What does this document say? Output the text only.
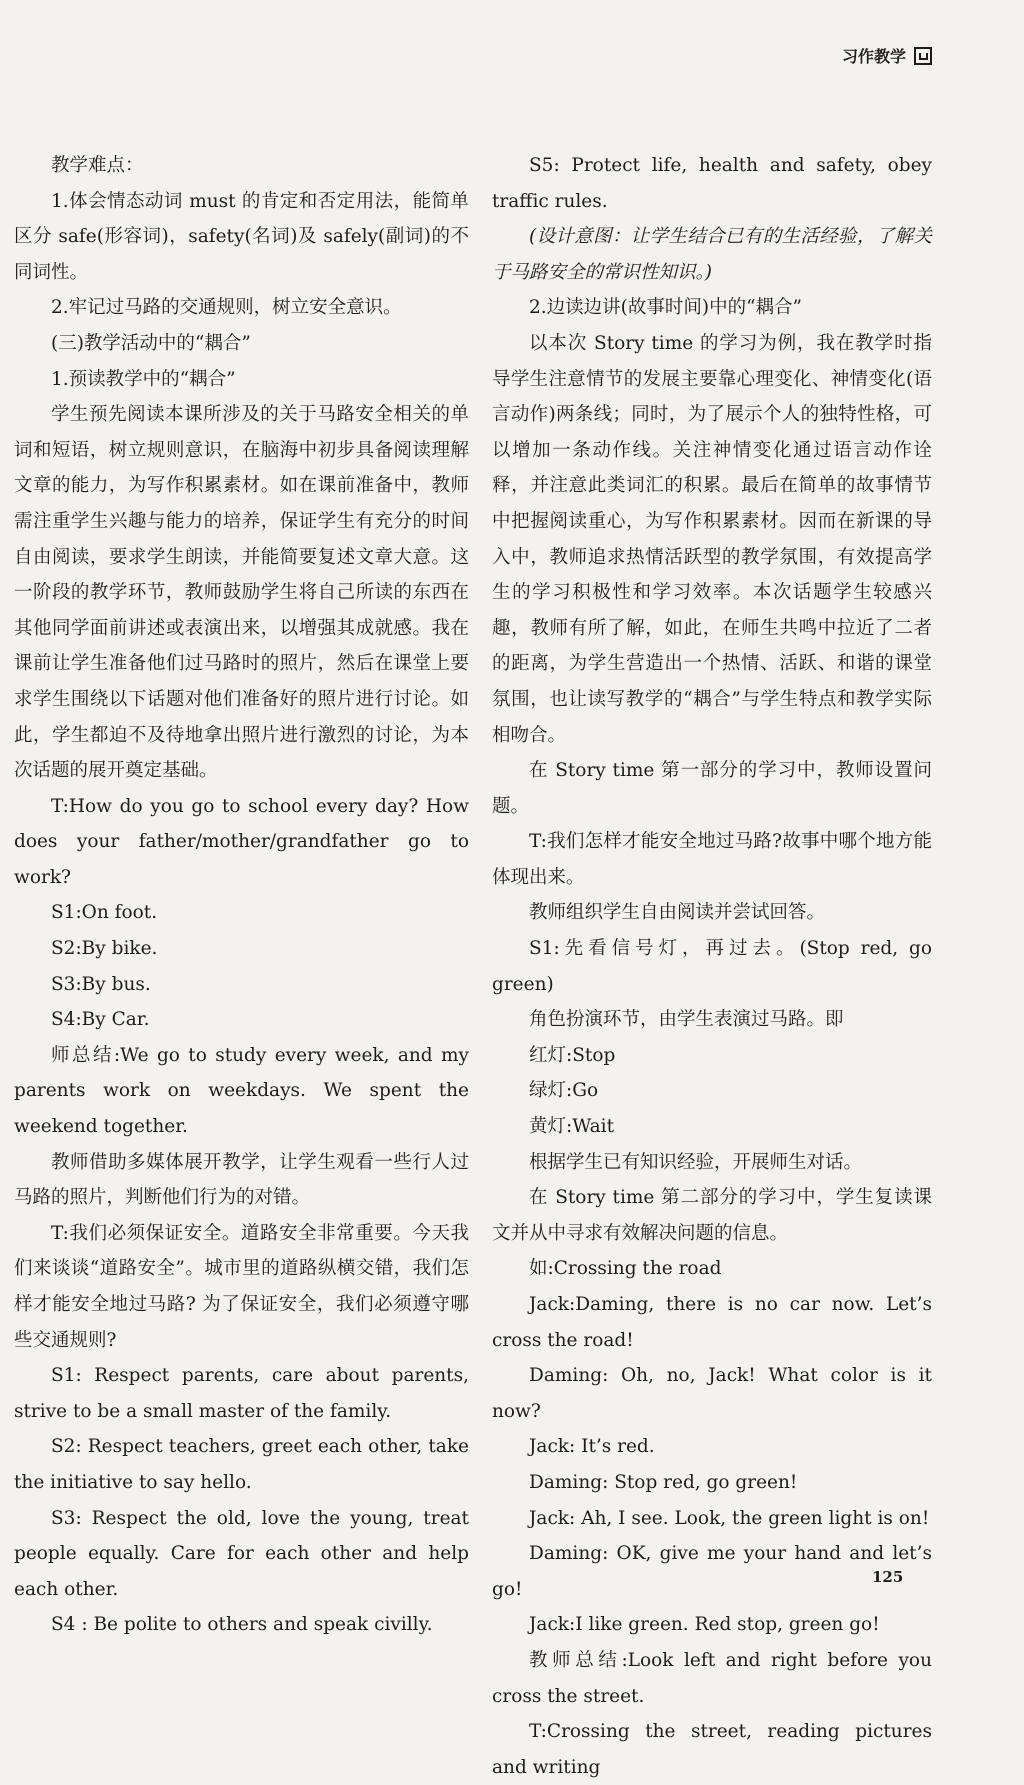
习作教学

教学难点：

1.体会情态动词 must 的肯定和否定用法，能简单区分 safe(形容词)，safety(名词)及 safely(副词)的不同词性。

2.牢记过马路的交通规则，树立安全意识。

(三)教学活动中的“耦合”

1.预读教学中的“耦合”

学生预先阅读本课所涉及的关于马路安全相关的单词和短语，树立规则意识，在脑海中初步具备阅读理解文章的能力，为写作积累素材。如在课前准备中，教师需注重学生兴趣与能力的培养，保证学生有充分的时间自由阅读，要求学生朗读，并能简要复述文章大意。这一阶段的教学环节，教师鼓励学生将自己所读的东西在其他同学面前讲述或表演出来，以增强其成就感。我在课前让学生准备他们过马路时的照片，然后在课堂上要求学生围绕以下话题对他们准备好的照片进行讨论。如此，学生都迫不及待地拿出照片进行激烈的讨论，为本次话题的展开奠定基础。

T:How do you go to school every day? How does your father/mother/grandfather go to work?

S1:On foot.

S2:By bike.

S3:By bus.

S4:By Car.

师总结:We go to study every week, and my parents work on weekdays. We spent the weekend together.

教师借助多媒体展开教学，让学生观看一些行人过马路的照片，判断他们行为的对错。

T:我们必须保证安全。道路安全非常重要。今天我们来谈谈“道路安全”。城市里的道路纵横交错，我们怎样才能安全地过马路? 为了保证安全，我们必须遵守哪些交通规则?

S1: Respect parents, care about parents, strive to be a small master of the family.

S2: Respect teachers, greet each other, take the initiative to say hello.

S3: Respect the old, love the young, treat people equally. Care for each other and help each other.

S4 : Be polite to others and speak civilly.

S5: Protect life, health and safety, obey traffic rules.

(设计意图：让学生结合已有的生活经验，了解关于马路安全的常识性知识。)

2.边读边讲(故事时间)中的“耦合”

以本次 Story time 的学习为例，我在教学时指导学生注意情节的发展主要靠心理变化、神情变化(语言动作)两条线；同时，为了展示个人的独特性格，可以增加一条动作线。关注神情变化通过语言动作诠释，并注意此类词汇的积累。最后在简单的故事情节中把握阅读重心，为写作积累素材。因而在新课的导入中，教师追求热情活跃型的教学氛围，有效提高学生的学习积极性和学习效率。本次话题学生较感兴趣，教师有所了解，如此，在师生共鸣中拉近了二者的距离，为学生营造出一个热情、活跃、和谐的课堂氛围，也让读写教学的“耦合”与学生特点和教学实际相吻合。

在 Story time 第一部分的学习中，教师设置问题。

T:我们怎样才能安全地过马路?故事中哪个地方能体现出来。

教师组织学生自由阅读并尝试回答。

S1:先看信号灯，再过去。(Stop red, go green)

角色扮演环节，由学生表演过马路。即

红灯:Stop

绿灯:Go

黄灯:Wait

根据学生已有知识经验，开展师生对话。

在 Story time 第二部分的学习中，学生复读课文并从中寻求有效解决问题的信息。

如:Crossing the road

Jack:Daming, there is no car now. Let’s cross the road!

Daming: Oh, no, Jack! What color is it now?

Jack: It’s red.

Daming: Stop red, go green!

Jack: Ah, I see. Look, the green light is on!

Daming: OK, give me your hand and let’s go!

Jack:I like green. Red stop, green go!

教师总结:Look left and right before you cross the street.

T:Crossing the street, reading pictures and writing

125
